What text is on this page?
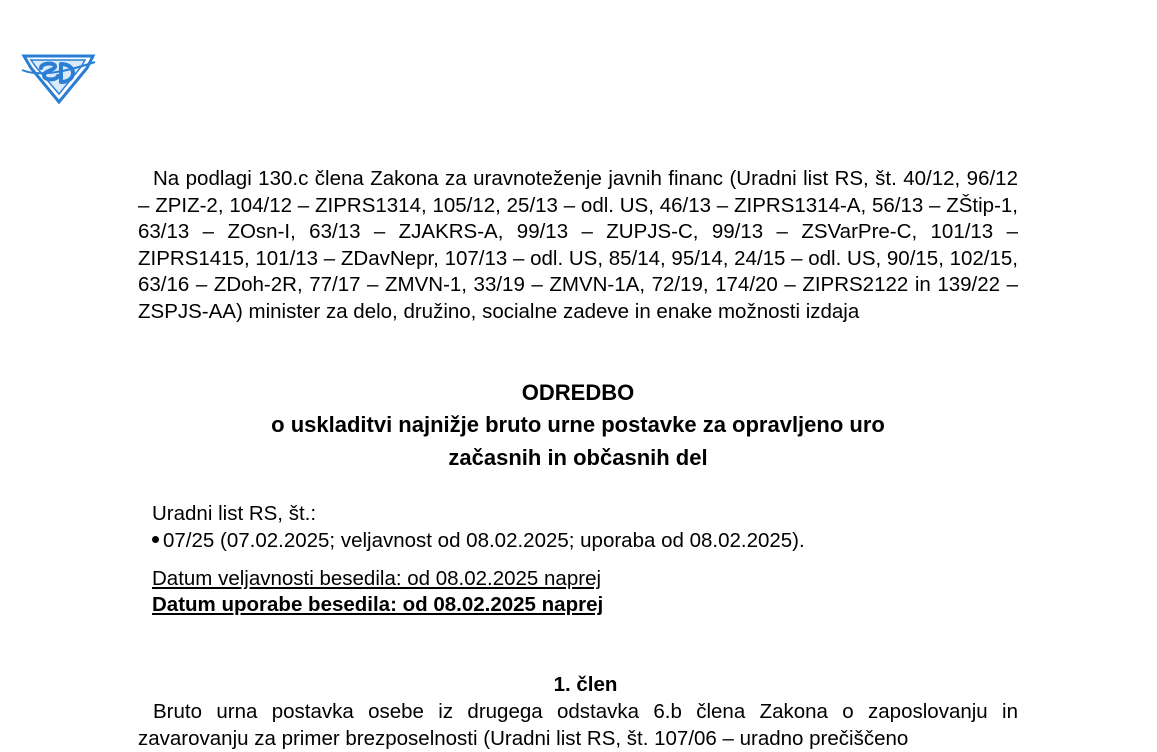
Na podlagi 130.c člena Zakona za uravnoteženje javnih financ (Uradni list RS, št. 40/12, 96/12 – ZPIZ-2, 104/12 – ZIPRS1314, 105/12, 25/13 – odl. US, 46/13 – ZIPRS1314-A, 56/13 – ZŠtip-1, 63/13 – ZOsn-I, 63/13 – ZJAKRS-A, 99/13 – ZUPJS-C, 99/13 – ZSVarPre-C, 101/13 – ZIPRS1415, 101/13 – ZDavNepr, 107/13 – odl. US, 85/14, 95/14, 24/15 – odl. US, 90/15, 102/15, 63/16 – ZDoh-2R, 77/17 – ZMVN-1, 33/19 – ZMVN-1A, 72/19, 174/20 – ZIPRS2122 in 139/22 – ZSPJS-AA) minister za delo, družino, socialne zadeve in enake možnosti izdaja

ODREDBO

o uskladitvi najnižje bruto urne postavke za opravljeno uro

začasnih in občasnih del

Uradni list RS, št.:

07/25 (07.02.2025; veljavnost od 08.02.2025; uporaba od 08.02.2025).

Datum veljavnosti besedila: od 08.02.2025 naprej

Datum uporabe besedila: od 08.02.2025 naprej

1. člen

Bruto urna postavka osebe iz drugega odstavka 6.b člena Zakona o zaposlovanju in zavarovanju za primer brezposelnosti (Uradni list RS, št. 107/06 – uradno prečiščeno
